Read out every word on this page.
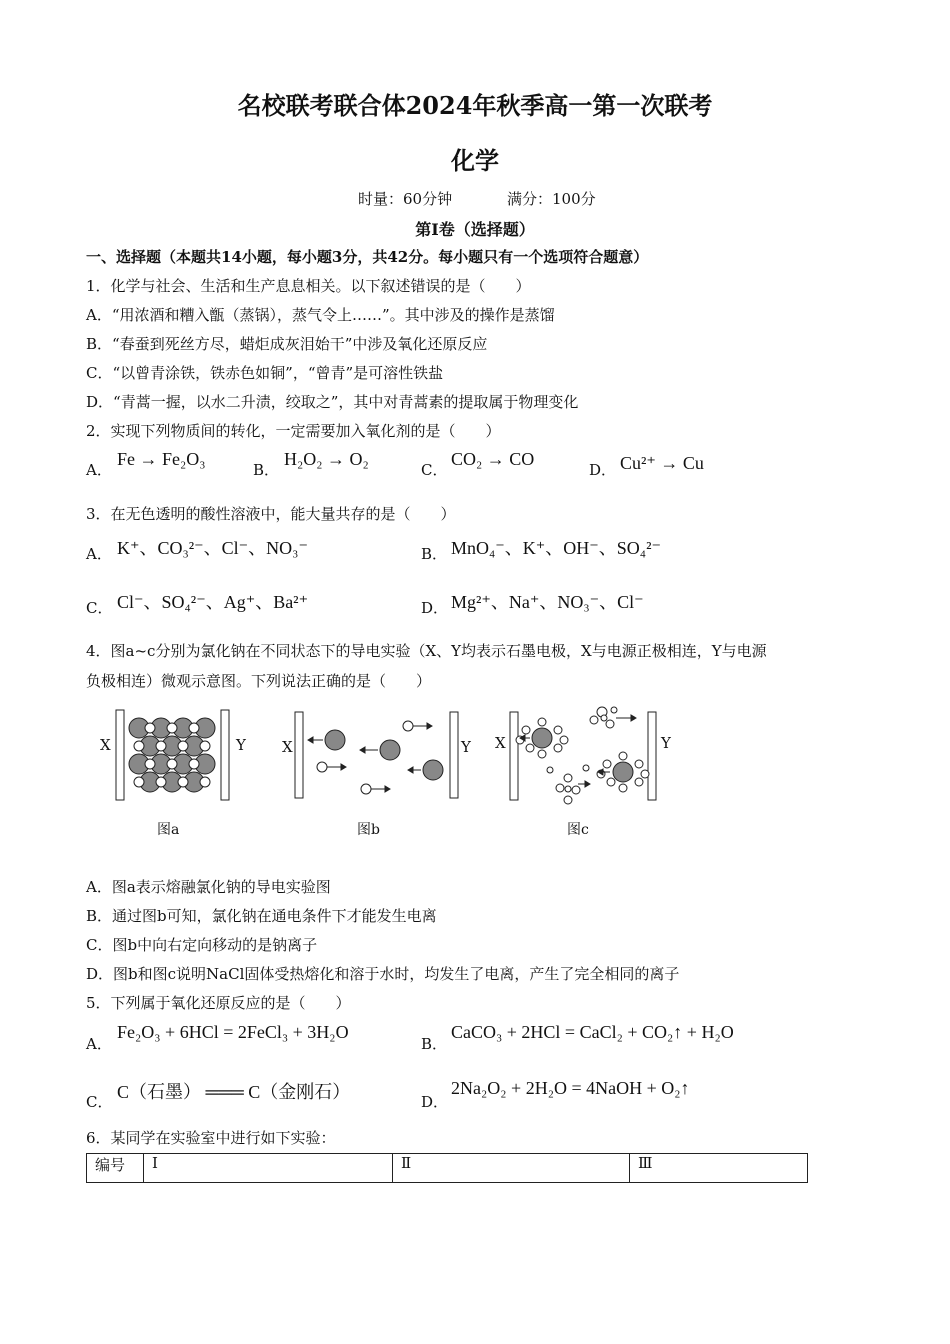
名校联考联合体2024年秋季高一第一次联考
化学
时量：60分钟	满分：100分
第Ⅰ卷（选择题）
一、选择题（本题共14小题，每小题3分，共42分。每小题只有一个选项符合题意）
1．化学与社会、生活和生产息息相关。以下叙述错误的是（　　）
A．“用浓酒和糟入甑（蒸锅），蒸气令上……”。其中涉及的操作是蒸馏
B．“春蚕到死丝方尽，蜡炬成灰泪始干”中涉及氧化还原反应
C．“以曾青涂铁，铁赤色如铜”，“曾青”是可溶性铁盐
D．“青蒿一握，以水二升渍，绞取之”，其中对青蒿素的提取属于物理变化
2．实现下列物质间的转化，一定需要加入氧化剂的是（　　）
A．
Fe → Fe₂O₃
B．
H₂O₂ → O₂
C．
CO₂ → CO
D． Cu²⁺ → Cu
3．在无色透明的酸性溶液中，能大量共存的是（　　）
A． K⁺、CO₃²⁻、Cl⁻、NO₃⁻	B． MnO₄⁻、K⁺、OH⁻、SO₄²⁻
C． Cl⁻、SO₄²⁻、Ag⁺、Ba²⁺	D． Mg²⁺、Na⁺、NO₃⁻、Cl⁻
4．图a~c分别为氯化钠在不同状态下的导电实验（X、Y均表示石墨电极，X与电源正极相连，Y与电源
负极相连）微观示意图。下列说法正确的是（　　）
X	Y X	Y X	Y
图a	图b	图c
A．图a表示熔融氯化钠的导电实验图
B．通过图b可知，氯化钠在通电条件下才能发生电离
C．图b中向右定向移动的是钠离子
D．图b和图c说明NaCl固体受热熔化和溶于水时，均发生了电离，产生了完全相同的离子
5．下列属于氧化还原反应的是（　　）
A．
Fe₂O₃ + 6HCl = 2FeCl₃ + 3H₂O
B．
CaCO₃ + 2HCl = CaCl₂ + CO₂↑ + H₂O
C． C（石墨） ═══ C（金刚石）	D．
2Na₂O₂ + 2H₂O = 4NaOH + O₂↑
6．某同学在实验室中进行如下实验：
编号	Ⅰ	Ⅱ	Ⅲ
